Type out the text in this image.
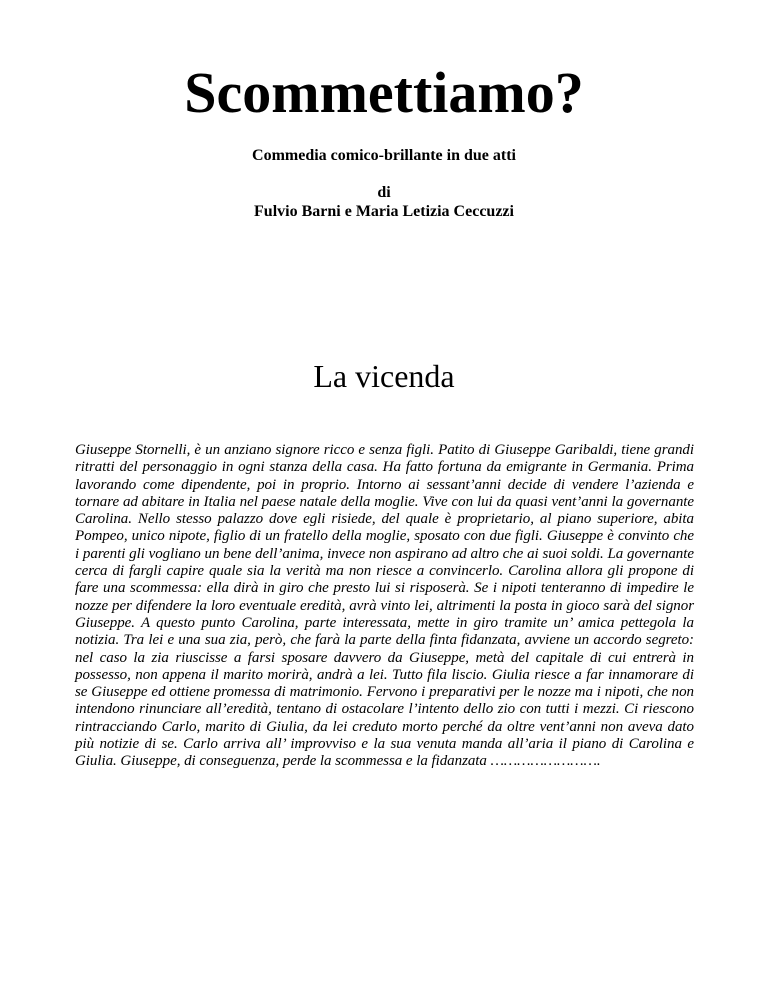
Scommettiamo?

Commedia comico-brillante in due atti

di

Fulvio Barni e Maria Letizia Ceccuzzi

La vicenda

Giuseppe Stornelli, è un anziano signore ricco e senza figli. Patito di Giuseppe Garibaldi, tiene grandi ritratti del personaggio in ogni stanza della casa. Ha fatto fortuna da emigrante in Germania. Prima lavorando come dipendente, poi in proprio. Intorno ai sessant’anni decide di vendere l’azienda e tornare ad abitare in Italia nel paese natale della moglie. Vive con lui da quasi vent’anni la governante Carolina. Nello stesso palazzo dove egli risiede, del quale è proprietario, al piano superiore, abita Pompeo, unico nipote, figlio di un fratello della moglie, sposato con due figli. Giuseppe è convinto che i parenti gli vogliano un bene dell’anima, invece non aspirano ad altro che ai suoi soldi. La governante cerca di fargli capire quale sia la verità ma non riesce a convincerlo. Carolina allora gli propone di fare una scommessa: ella dirà in giro che presto lui si risposerà. Se i nipoti tenteranno di impedire le nozze per difendere la loro eventuale eredità, avrà vinto lei, altrimenti la posta in gioco sarà del signor Giuseppe. A questo punto Carolina, parte interessata, mette in giro tramite un’ amica pettegola la notizia. Tra lei e una sua zia, però, che farà la parte della finta fidanzata, avviene un accordo segreto: nel caso la zia riuscisse a farsi sposare davvero da Giuseppe, metà del capitale di cui entrerà in possesso, non appena il marito morirà, andrà a lei. Tutto fila liscio. Giulia riesce a far innamorare di se Giuseppe ed ottiene promessa di matrimonio. Fervono i preparativi per le nozze ma i nipoti, che non intendono rinunciare all’eredità, tentano di ostacolare l’intento dello zio con tutti i mezzi. Ci riescono rintracciando Carlo, marito di Giulia, da lei creduto morto perché da oltre vent’anni non aveva dato più notizie di se. Carlo arriva all’ improvviso e la sua venuta manda all’aria il piano di Carolina e Giulia. Giuseppe, di conseguenza, perde la scommessa e la fidanzata …………………….
